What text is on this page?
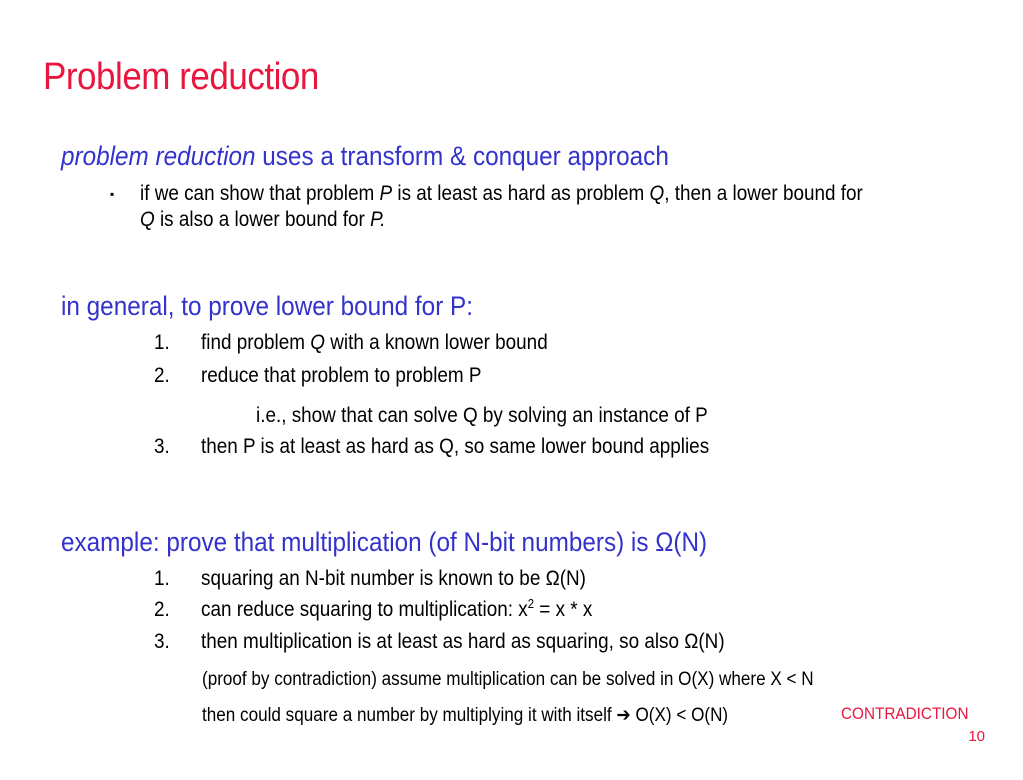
Problem reduction
problem reduction uses a transform & conquer approach
▪ if we can show that problem P is at least as hard as problem Q, then a lower bound for
Q is also a lower bound for P.
in general, to prove lower bound for P:
1. find problem Q with a known lower bound
2. reduce that problem to problem P
i.e., show that can solve Q by solving an instance of P
3. then P is at least as hard as Q, so same lower bound applies
example: prove that multiplication (of N-bit numbers) is Ω(N)
1. squaring an N-bit number is known to be Ω(N)
2. can reduce squaring to multiplication: $x^2 = x * x$
3. then multiplication is at least as hard as squaring, so also Ω(N)
(proof by contradiction) assume multiplication can be solved in O(X) where X < N
then could square a number by multiplying it with itself ➔ O(X) < O(N)	CONTRADICTION
10
